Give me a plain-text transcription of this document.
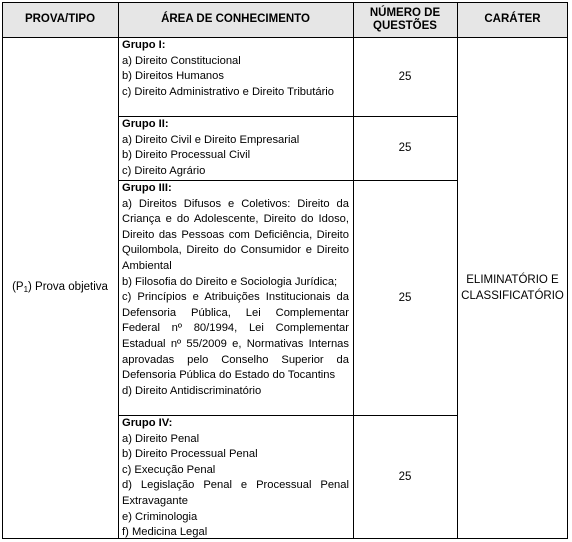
PROVA/TIPO	ÁREA DE CONHECIMENTO
NÚMERO DE QUESTÕES
CARÁTER
$(P_1)$ Prova objetiva
ELIMINATÓRIO E CLASSIFICATÓRIO
Grupo I:
a) Direito Constitucional
b) Direitos Humanos
c) Direito Administrativo e Direito Tributário
25
Grupo II:
a) Direito Civil e Direito Empresarial
b) Direito Processual Civil
c) Direito Agrário
25
Grupo III:
a) Direitos Difusos e Coletivos: Direito da Criança e do Adolescente, Direito do Idoso, Direito das Pessoas com Deficiência, Direito Quilombola, Direito do Consumidor e Direito Ambiental
b) Filosofia do Direito e Sociologia Jurídica;
c) Princípios e Atribuições Institucionais da Defensoria Pública, Lei Complementar Federal nº 80/1994, Lei Complementar Estadual nº 55/2009 e, Normativas Internas aprovadas pelo Conselho Superior da Defensoria Pública do Estado do Tocantins
d) Direito Antidiscriminatório
25
Grupo IV:
a) Direito Penal
b) Direito Processual Penal
c) Execução Penal
d) Legislação Penal e Processual Penal Extravagante
e) Criminologia
f) Medicina Legal
25
